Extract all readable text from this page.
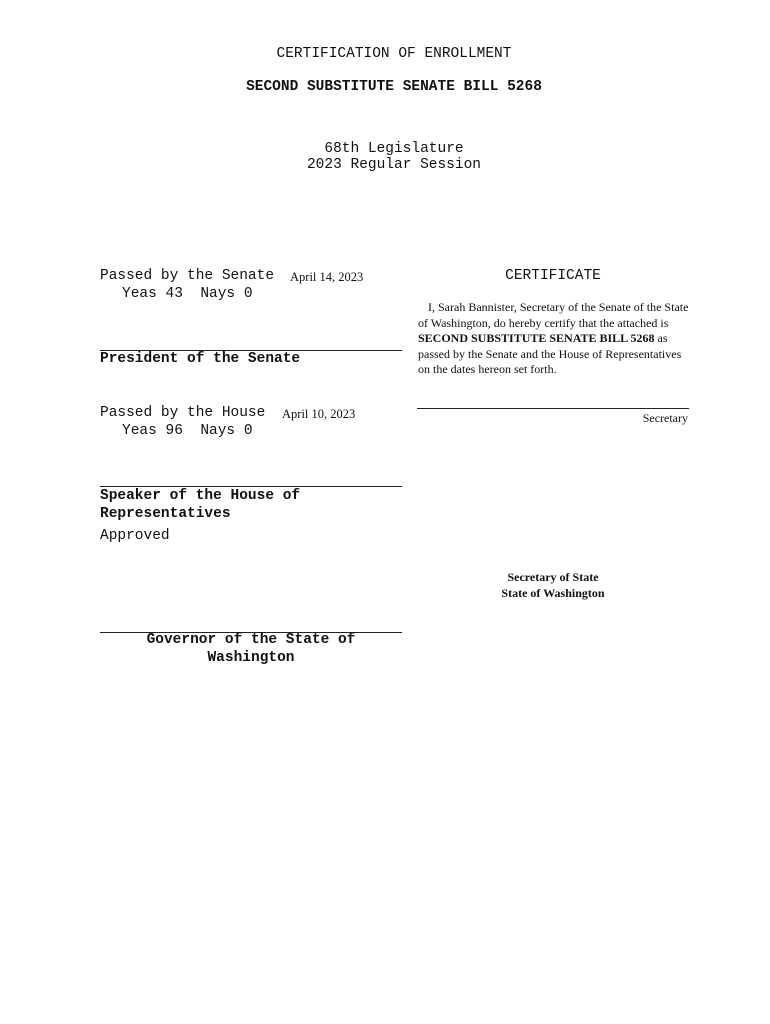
CERTIFICATION OF ENROLLMENT
SECOND SUBSTITUTE SENATE BILL 5268
68th Legislature
2023 Regular Session
Passed by the Senate April 14, 2023
Yeas 43  Nays 0
President of the Senate
Passed by the House April 10, 2023
Yeas 96  Nays 0
Speaker of the House of
Representatives
Approved
Governor of the State of
Washington
CERTIFICATE
I, Sarah Bannister, Secretary of the Senate of the State of Washington, do hereby certify that the attached is SECOND SUBSTITUTE SENATE BILL 5268 as passed by the Senate and the House of Representatives on the dates hereon set forth.
Secretary
Secretary of State
State of Washington
